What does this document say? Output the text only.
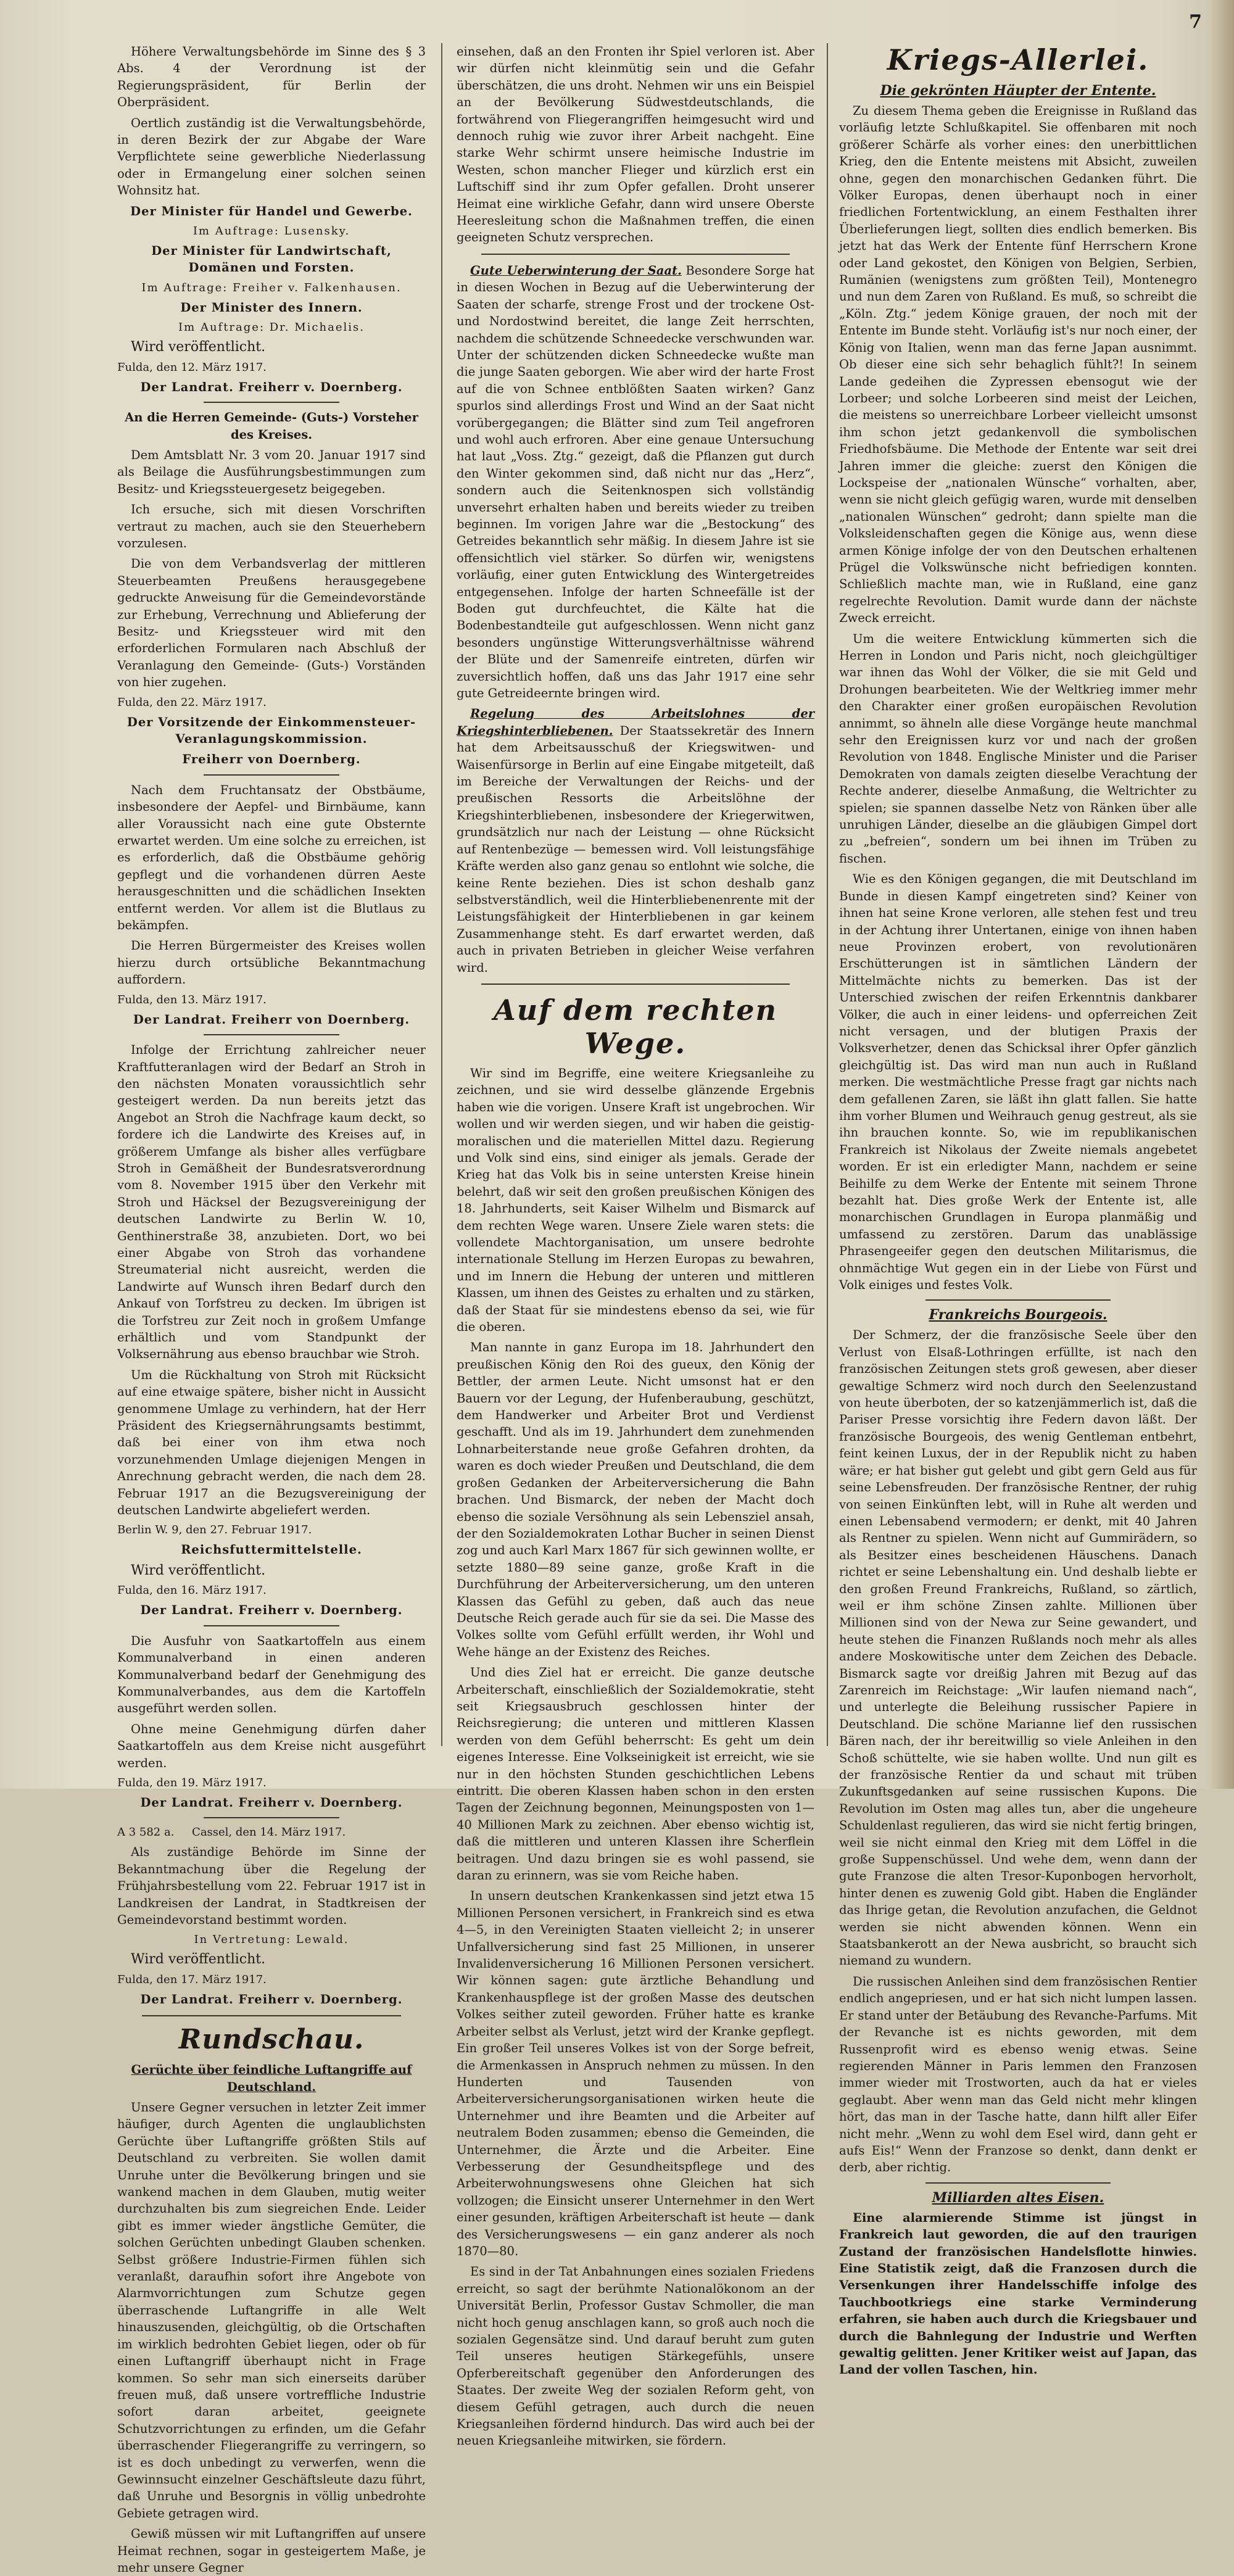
7

Höhere Verwaltungsbehörde im Sinne des § 3 Abs. 4 der Verordnung ist der Regierungspräsident, für Berlin der Oberpräsident.

Oertlich zuständig ist die Verwaltungsbehörde, in deren Bezirk der zur Abgabe der Ware Verpflichtete seine gewerbliche Niederlassung oder in Ermangelung einer solchen seinen Wohnsitz hat.

Der Minister für Handel und Gewerbe.

Im Auftrage: Lusensky.

Der Minister für Landwirtschaft, Domänen und Forsten.

Im Auftrage: Freiher v. Falkenhausen.

Der Minister des Innern.

Im Auftrage: Dr. Michaelis.

Wird veröffentlicht.

Fulda, den 12. März 1917.

Der Landrat. Freiherr v. Doernberg.

An die Herren Gemeinde- (Guts-) Vorsteher des Kreises.

Dem Amtsblatt Nr. 3 vom 20. Januar 1917 sind als Beilage die Ausführungsbestimmungen zum Besitz- und Kriegssteuergesetz beigegeben.

Ich ersuche, sich mit diesen Vorschriften vertraut zu machen, auch sie den Steuerhebern vorzulesen.

Die von dem Verbandsverlag der mittleren Steuerbeamten Preußens herausgegebene gedruckte Anweisung für die Gemeindevorstände zur Erhebung, Verrechnung und Ablieferung der Besitz- und Kriegssteuer wird mit den erforderlichen Formularen nach Abschluß der Veranlagung den Gemeinde- (Guts-) Vorständen von hier zugehen.

Fulda, den 22. März 1917.

Der Vorsitzende der Einkommensteuer-Veranlagungskommission.

Freiherr von Doernberg.

Nach dem Fruchtansatz der Obstbäume, insbesondere der Aepfel- und Birnbäume, kann aller Voraussicht nach eine gute Obsternte erwartet werden. Um eine solche zu erreichen, ist es erforderlich, daß die Obstbäume gehörig gepflegt und die vorhandenen dürren Aeste herausgeschnitten und die schädlichen Insekten entfernt werden. Vor allem ist die Blutlaus zu bekämpfen.

Die Herren Bürgermeister des Kreises wollen hierzu durch ortsübliche Bekanntmachung auffordern.

Fulda, den 13. März 1917.

Der Landrat. Freiherr von Doernberg.

Infolge der Errichtung zahlreicher neuer Kraftfutteranlagen wird der Bedarf an Stroh in den nächsten Monaten voraussichtlich sehr gesteigert werden. Da nun bereits jetzt das Angebot an Stroh die Nachfrage kaum deckt, so fordere ich die Landwirte des Kreises auf, in größerem Umfange als bisher alles verfügbare Stroh in Gemäßheit der Bundesratsverordnung vom 8. November 1915 über den Verkehr mit Stroh und Häcksel der Bezugsvereinigung der deutschen Landwirte zu Berlin W. 10, Genthinerstraße 38, anzubieten. Dort, wo bei einer Abgabe von Stroh das vorhandene Streumaterial nicht ausreicht, werden die Landwirte auf Wunsch ihren Bedarf durch den Ankauf von Torfstreu zu decken. Im übrigen ist die Torfstreu zur Zeit noch in großem Umfange erhältlich und vom Standpunkt der Volksernährung aus ebenso brauchbar wie Stroh.

Um die Rückhaltung von Stroh mit Rücksicht auf eine etwaige spätere, bisher nicht in Aussicht genommene Umlage zu verhindern, hat der Herr Präsident des Kriegsernährungsamts bestimmt, daß bei einer von ihm etwa noch vorzunehmenden Umlage diejenigen Mengen in Anrechnung gebracht werden, die nach dem 28. Februar 1917 an die Bezugsvereinigung der deutschen Landwirte abgeliefert werden.

Berlin W. 9, den 27. Februar 1917.

Reichsfuttermittelstelle.

Wird veröffentlicht.

Fulda, den 16. März 1917.

Der Landrat. Freiherr v. Doernberg.

Die Ausfuhr von Saatkartoffeln aus einem Kommunalverband in einen anderen Kommunalverband bedarf der Genehmigung des Kommunalverbandes, aus dem die Kartoffeln ausgeführt werden sollen.

Ohne meine Genehmigung dürfen daher Saatkartoffeln aus dem Kreise nicht ausgeführt werden.

Fulda, den 19. März 1917.

Der Landrat. Freiherr v. Doernberg.

A 3 582 a. Cassel, den 14. März 1917.

Als zuständige Behörde im Sinne der Bekanntmachung über die Regelung der Frühjahrsbestellung vom 22. Februar 1917 ist in Landkreisen der Landrat, in Stadtkreisen der Gemeindevorstand bestimmt worden.

In Vertretung: Lewald.

Wird veröffentlicht.

Fulda, den 17. März 1917.

Der Landrat. Freiherr v. Doernberg.

Rundschau.

Gerüchte über feindliche Luftangriffe auf Deutschland.

Unsere Gegner versuchen in letzter Zeit immer häufiger, durch Agenten die unglaublichsten Gerüchte über Luftangriffe größten Stils auf Deutschland zu verbreiten. Sie wollen damit Unruhe unter die Bevölkerung bringen und sie wankend machen in dem Glauben, mutig weiter durchzuhalten bis zum siegreichen Ende. Leider gibt es immer wieder ängstliche Gemüter, die solchen Gerüchten unbedingt Glauben schenken. Selbst größere Industrie-Firmen fühlen sich veranlaßt, daraufhin sofort ihre Angebote von Alarmvorrichtungen zum Schutze gegen überraschende Luftangriffe in alle Welt hinauszusenden, gleichgültig, ob die Ortschaften im wirklich bedrohten Gebiet liegen, oder ob für einen Luftangriff überhaupt nicht in Frage kommen. So sehr man sich einerseits darüber freuen muß, daß unsere vortreffliche Industrie sofort daran arbeitet, geeignete Schutzvorrichtungen zu erfinden, um die Gefahr überraschender Fliegerangriffe zu verringern, so ist es doch unbedingt zu verwerfen, wenn die Gewinnsucht einzelner Geschäftsleute dazu führt, daß Unruhe und Besorgnis in völlig unbedrohte Gebiete getragen wird.

Gewiß müssen wir mit Luftangriffen auf unsere Heimat rechnen, sogar in gesteigertem Maße, je mehr unsere Gegner

einsehen, daß an den Fronten ihr Spiel verloren ist. Aber wir dürfen nicht kleinmütig sein und die Gefahr überschätzen, die uns droht. Nehmen wir uns ein Beispiel an der Bevölkerung Südwestdeutschlands, die fortwährend von Fliegerangriffen heimgesucht wird und dennoch ruhig wie zuvor ihrer Arbeit nachgeht. Eine starke Wehr schirmt unsere heimische Industrie im Westen, schon mancher Flieger und kürzlich erst ein Luftschiff sind ihr zum Opfer gefallen. Droht unserer Heimat eine wirkliche Gefahr, dann wird unsere Oberste Heeresleitung schon die Maßnahmen treffen, die einen geeigneten Schutz versprechen.

Gute Ueberwinterung der Saat. Besondere Sorge hat in diesen Wochen in Bezug auf die Ueberwinterung der Saaten der scharfe, strenge Frost und der trockene Ost- und Nordostwind bereitet, die lange Zeit herrschten, nachdem die schützende Schneedecke verschwunden war. Unter der schützenden dicken Schneedecke wußte man die junge Saaten geborgen. Wie aber wird der harte Frost auf die von Schnee entblößten Saaten wirken? Ganz spurlos sind allerdings Frost und Wind an der Saat nicht vorübergegangen; die Blätter sind zum Teil angefroren und wohl auch erfroren. Aber eine genaue Untersuchung hat laut „Voss. Ztg.“ gezeigt, daß die Pflanzen gut durch den Winter gekommen sind, daß nicht nur das „Herz“, sondern auch die Seitenknospen sich vollständig unversehrt erhalten haben und bereits wieder zu treiben beginnen. Im vorigen Jahre war die „Bestockung“ des Getreides bekanntlich sehr mäßig. In diesem Jahre ist sie offensichtlich viel stärker. So dürfen wir, wenigstens vorläufig, einer guten Entwicklung des Wintergetreides entgegensehen. Infolge der harten Schneefälle ist der Boden gut durchfeuchtet, die Kälte hat die Bodenbestandteile gut aufgeschlossen. Wenn nicht ganz besonders ungünstige Witterungsverhältnisse während der Blüte und der Samenreife eintreten, dürfen wir zuversichtlich hoffen, daß uns das Jahr 1917 eine sehr gute Getreideernte bringen wird.

Regelung des Arbeitslohnes der Kriegshinterbliebenen. Der Staatssekretär des Innern hat dem Arbeitsausschuß der Kriegswitwen- und Waisenfürsorge in Berlin auf eine Eingabe mitgeteilt, daß im Bereiche der Verwaltungen der Reichs- und der preußischen Ressorts die Arbeitslöhne der Kriegshinterbliebenen, insbesondere der Kriegerwitwen, grundsätzlich nur nach der Leistung — ohne Rücksicht auf Rentenbezüge — bemessen wird. Voll leistungsfähige Kräfte werden also ganz genau so entlohnt wie solche, die keine Rente beziehen. Dies ist schon deshalb ganz selbstverständlich, weil die Hinterbliebenenrente mit der Leistungsfähigkeit der Hinterbliebenen in gar keinem Zusammenhange steht. Es darf erwartet werden, daß auch in privaten Betrieben in gleicher Weise verfahren wird.

Auf dem rechten Wege.

Wir sind im Begriffe, eine weitere Kriegsanleihe zu zeichnen, und sie wird desselbe glänzende Ergebnis haben wie die vorigen. Unsere Kraft ist ungebrochen. Wir wollen und wir werden siegen, und wir haben die geistig-moralischen und die materiellen Mittel dazu. Regierung und Volk sind eins, sind einiger als jemals. Gerade der Krieg hat das Volk bis in seine untersten Kreise hinein belehrt, daß wir seit den großen preußischen Königen des 18. Jahrhunderts, seit Kaiser Wilhelm und Bismarck auf dem rechten Wege waren. Unsere Ziele waren stets: die vollendete Machtorganisation, um unsere bedrohte internationale Stellung im Herzen Europas zu bewahren, und im Innern die Hebung der unteren und mittleren Klassen, um ihnen des Geistes zu erhalten und zu stärken, daß der Staat für sie mindestens ebenso da sei, wie für die oberen.

Man nannte in ganz Europa im 18. Jahrhundert den preußischen König den Roi des gueux, den König der Bettler, der armen Leute. Nicht umsonst hat er den Bauern vor der Legung, der Hufenberaubung, geschützt, dem Handwerker und Arbeiter Brot und Verdienst geschafft. Und als im 19. Jahrhundert dem zunehmenden Lohnarbeiterstande neue große Gefahren drohten, da waren es doch wieder Preußen und Deutschland, die dem großen Gedanken der Arbeiterversicherung die Bahn brachen. Und Bismarck, der neben der Macht doch ebenso die soziale Versöhnung als sein Lebensziel ansah, der den Sozialdemokraten Lothar Bucher in seinen Dienst zog und auch Karl Marx 1867 für sich gewinnen wollte, er setzte 1880—89 seine ganze, große Kraft in die Durchführung der Arbeiterversicherung, um den unteren Klassen das Gefühl zu geben, daß auch das neue Deutsche Reich gerade auch für sie da sei. Die Masse des Volkes sollte vom Gefühl erfüllt werden, ihr Wohl und Wehe hänge an der Existenz des Reiches.

Und dies Ziel hat er erreicht. Die ganze deutsche Arbeiterschaft, einschließlich der Sozialdemokratie, steht seit Kriegsausbruch geschlossen hinter der Reichsregierung; die unteren und mittleren Klassen werden von dem Gefühl beherrscht: Es geht um dein eigenes Interesse. Eine Volkseinigkeit ist erreicht, wie sie nur in den höchsten Stunden geschichtlichen Lebens eintritt. Die oberen Klassen haben schon in den ersten Tagen der Zeichnung begonnen, Meinungsposten von 1—40 Millionen Mark zu zeichnen. Aber ebenso wichtig ist, daß die mittleren und unteren Klassen ihre Scherflein beitragen. Und dazu bringen sie es wohl passend, sie daran zu erinnern, was sie vom Reiche haben.

In unsern deutschen Krankenkassen sind jetzt etwa 15 Millionen Personen versichert, in Frankreich sind es etwa 4—5, in den Vereinigten Staaten vielleicht 2; in unserer Unfallversicherung sind fast 25 Millionen, in unserer Invalidenversicherung 16 Millionen Personen versichert. Wir können sagen: gute ärztliche Behandlung und Krankenhauspflege ist der großen Masse des deutschen Volkes seither zuteil geworden. Früher hatte es kranke Arbeiter selbst als Verlust, jetzt wird der Kranke gepflegt. Ein großer Teil unseres Volkes ist von der Sorge befreit, die Armenkassen in Anspruch nehmen zu müssen. In den Hunderten und Tausenden von Arbeiterversicherungsorganisationen wirken heute die Unternehmer und ihre Beamten und die Arbeiter auf neutralem Boden zusammen; ebenso die Gemeinden, die Unternehmer, die Ärzte und die Arbeiter. Eine Verbesserung der Gesundheitspflege und des Arbeiterwohnungswesens ohne Gleichen hat sich vollzogen; die Einsicht unserer Unternehmer in den Wert einer gesunden, kräftigen Arbeiterschaft ist heute — dank des Versicherungswesens — ein ganz anderer als noch 1870—80.

Es sind in der Tat Anbahnungen eines sozialen Friedens erreicht, so sagt der berühmte Nationalökonom an der Universität Berlin, Professor Gustav Schmoller, die man nicht hoch genug anschlagen kann, so groß auch noch die sozialen Gegensätze sind. Und darauf beruht zum guten Teil unseres heutigen Stärkegefühls, unsere Opferbereitschaft gegenüber den Anforderungen des Staates. Der zweite Weg der sozialen Reform geht, von diesem Gefühl getragen, auch durch die neuen Kriegsanleihen fördernd hindurch. Das wird auch bei der neuen Kriegsanleihe mitwirken, sie fördern.

Kriegs-Allerlei.
Die gekrönten Häupter der Entente.

Zu diesem Thema geben die Ereignisse in Rußland das vorläufig letzte Schlußkapitel. Sie offenbaren mit noch größerer Schärfe als vorher eines: den unerbittlichen Krieg, den die Entente meistens mit Absicht, zuweilen ohne, gegen den monarchischen Gedanken führt. Die Völker Europas, denen überhaupt noch in einer friedlichen Fortentwicklung, an einem Festhalten ihrer Überlieferungen liegt, sollten dies endlich bemerken. Bis jetzt hat das Werk der Entente fünf Herrschern Krone oder Land gekostet, den Königen von Belgien, Serbien, Rumänien (wenigstens zum größten Teil), Montenegro und nun dem Zaren von Rußland. Es muß, so schreibt die „Köln. Ztg.“ jedem Könige grauen, der noch mit der Entente im Bunde steht. Vorläufig ist's nur noch einer, der König von Italien, wenn man das ferne Japan ausnimmt. Ob dieser eine sich sehr behaglich fühlt?! In seinem Lande gedeihen die Zypressen ebensogut wie der Lorbeer; und solche Lorbeeren sind meist der Leichen, die meistens so unerreichbare Lorbeer vielleicht umsonst ihm schon jetzt gedankenvoll die symbolischen Friedhofsbäume. Die Methode der Entente war seit drei Jahren immer die gleiche: zuerst den Königen die Lockspeise der „nationalen Wünsche“ vorhalten, aber, wenn sie nicht gleich gefügig waren, wurde mit denselben „nationalen Wünschen“ gedroht; dann spielte man die Volksleidenschaften gegen die Könige aus, wenn diese armen Könige infolge der von den Deutschen erhaltenen Prügel die Volkswünsche nicht befriedigen konnten. Schließlich machte man, wie in Rußland, eine ganz regelrechte Revolution. Damit wurde dann der nächste Zweck erreicht.

Um die weitere Entwicklung kümmerten sich die Herren in London und Paris nicht, noch gleichgültiger war ihnen das Wohl der Völker, die sie mit Geld und Drohungen bearbeiteten. Wie der Weltkrieg immer mehr den Charakter einer großen europäischen Revolution annimmt, so ähneln alle diese Vorgänge heute manchmal sehr den Ereignissen kurz vor und nach der großen Revolution von 1848. Englische Minister und die Pariser Demokraten von damals zeigten dieselbe Verachtung der Rechte anderer, dieselbe Anmaßung, die Weltrichter zu spielen; sie spannen dasselbe Netz von Ränken über alle unruhigen Länder, dieselbe an die gläubigen Gimpel dort zu „befreien“, sondern um bei ihnen im Trüben zu fischen.

Wie es den Königen gegangen, die mit Deutschland im Bunde in diesen Kampf eingetreten sind? Keiner von ihnen hat seine Krone verloren, alle stehen fest und treu in der Achtung ihrer Untertanen, einige von ihnen haben neue Provinzen erobert, von revolutionären Erschütterungen ist in sämtlichen Ländern der Mittelmächte nichts zu bemerken. Das ist der Unterschied zwischen der reifen Erkenntnis dankbarer Völker, die auch in einer leidens- und opferreichen Zeit nicht versagen, und der blutigen Praxis der Volksverhetzer, denen das Schicksal ihrer Opfer gänzlich gleichgültig ist. Das wird man nun auch in Rußland merken. Die westmächtliche Presse fragt gar nichts nach dem gefallenen Zaren, sie läßt ihn glatt fallen. Sie hatte ihm vorher Blumen und Weihrauch genug gestreut, als sie ihn brauchen konnte. So, wie im republikanischen Frankreich ist Nikolaus der Zweite niemals angebetet worden. Er ist ein erledigter Mann, nachdem er seine Beihilfe zu dem Werke der Entente mit seinem Throne bezahlt hat. Dies große Werk der Entente ist, alle monarchischen Grundlagen in Europa planmäßig und umfassend zu zerstören. Darum das unablässige Phrasengeeifer gegen den deutschen Militarismus, die ohnmächtige Wut gegen ein in der Liebe von Fürst und Volk einiges und festes Volk.

Frankreichs Bourgeois.

Der Schmerz, der die französische Seele über den Verlust von Elsaß-Lothringen erfüllte, ist nach den französischen Zeitungen stets groß gewesen, aber dieser gewaltige Schmerz wird noch durch den Seelenzustand von heute überboten, der so katzenjämmerlich ist, daß die Pariser Presse vorsichtig ihre Federn davon läßt. Der französische Bourgeois, des wenig Gentleman entbehrt, feint keinen Luxus, der in der Republik nicht zu haben wäre; er hat bisher gut gelebt und gibt gern Geld aus für seine Lebensfreuden. Der französische Rentner, der ruhig von seinen Einkünften lebt, will in Ruhe alt werden und einen Lebensabend vermodern; er denkt, mit 40 Jahren als Rentner zu spielen. Wenn nicht auf Gummirädern, so als Besitzer eines bescheidenen Häuschens. Danach richtet er seine Lebenshaltung ein. Und deshalb liebte er den großen Freund Frankreichs, Rußland, so zärtlich, weil er ihm schöne Zinsen zahlte. Millionen über Millionen sind von der Newa zur Seine gewandert, und heute stehen die Finanzen Rußlands noch mehr als alles andere Moskowitische unter dem Zeichen des Debacle. Bismarck sagte vor dreißig Jahren mit Bezug auf das Zarenreich im Reichstage: „Wir laufen niemand nach“, und unterlegte die Beleihung russischer Papiere in Deutschland. Die schöne Marianne lief den russischen Bären nach, der ihr bereitwillig so viele Anleihen in den Schoß schüttelte, wie sie haben wollte. Und nun gilt es der französische Rentier da und schaut mit trüben Zukunftsgedanken auf seine russischen Kupons. Die Revolution im Osten mag alles tun, aber die ungeheure Schuldenlast regulieren, das wird sie nicht fertig bringen, weil sie nicht einmal den Krieg mit dem Löffel in die große Suppenschüssel. Und wehe dem, wenn dann der gute Franzose die alten Tresor-Kuponbogen hervorholt, hinter denen es zuwenig Gold gibt. Haben die Engländer das Ihrige getan, die Revolution anzufachen, die Geldnot werden sie nicht abwenden können. Wenn ein Staatsbankerott an der Newa ausbricht, so braucht sich niemand zu wundern.

Die russischen Anleihen sind dem französischen Rentier endlich angepriesen, und er hat sich nicht lumpen lassen. Er stand unter der Betäubung des Revanche-Parfums. Mit der Revanche ist es nichts geworden, mit dem Russenprofit wird es ebenso wenig etwas. Seine regierenden Männer in Paris lemmen den Franzosen immer wieder mit Trostworten, auch da hat er vieles geglaubt. Aber wenn man das Geld nicht mehr klingen hört, das man in der Tasche hatte, dann hilft aller Eifer nicht mehr. „Wenn zu wohl dem Esel wird, dann geht er aufs Eis!“ Wenn der Franzose so denkt, dann denkt er derb, aber richtig.

Milliarden altes Eisen.

Eine alarmierende Stimme ist jüngst in Frankreich laut geworden, die auf den traurigen Zustand der französischen Handelsflotte hinwies. Eine Statistik zeigt, daß die Franzosen durch die Versenkungen ihrer Handelsschiffe infolge des Tauchbootkriegs eine starke Verminderung erfahren, sie haben auch durch die Kriegsbauer und durch die Bahnlegung der Industrie und Werften gewaltig gelitten. Jener Kritiker weist auf Japan, das Land der vollen Taschen, hin.
